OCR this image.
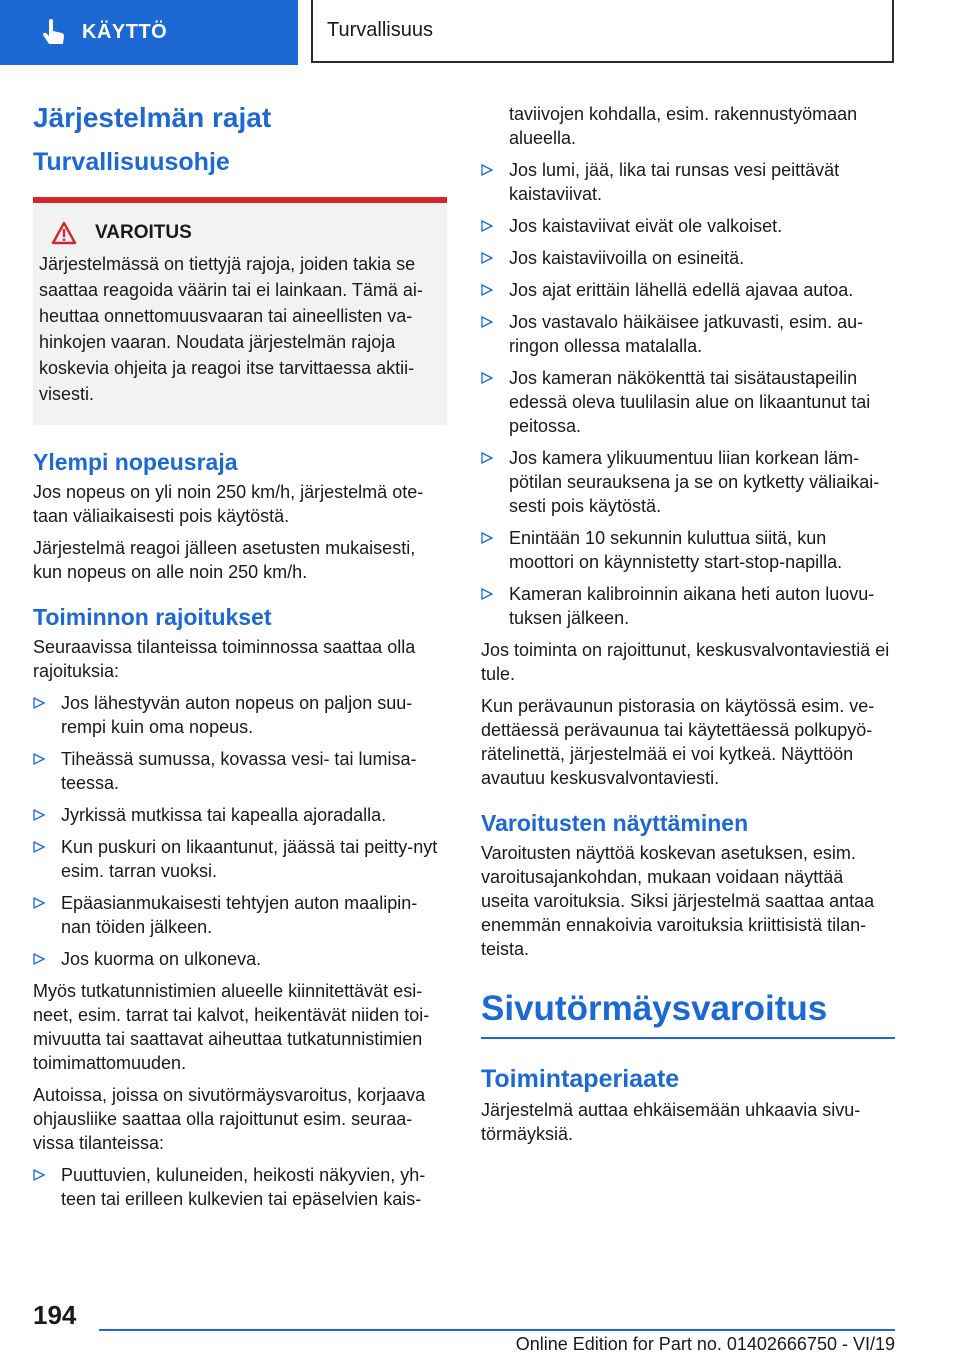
KÄYTTÖ	Turvallisuus
Järjestelmän rajat
Turvallisuusohje
VAROITUS

Järjestelmässä on tiettyjä rajoja, joiden takia se

saattaa reagoida väärin tai ei lainkaan. Tämä ai-

heuttaa onnettomuusvaaran tai aineellisten va-

hinkojen vaaran. Noudata järjestelmän rajoja

koskevia ohjeita ja reagoi itse tarvittaessa aktii-

visesti.

Ylempi nopeusraja

Jos nopeus on yli noin 250 km/h, järjestelmä ote-taan väliaikaisesti pois käytöstä.

Järjestelmä reagoi jälleen asetusten mukaisesti, kun nopeus on alle noin 250 km/h.

Toiminnon rajoitukset

Seuraavissa tilanteissa toiminnossa saattaa olla rajoituksia:

Jos lähestyvän auton nopeus on paljon suu-rempi kuin oma nopeus.
Tiheässä sumussa, kovassa vesi- tai lumisa-teessa.
Jyrkissä mutkissa tai kapealla ajoradalla.
Kun puskuri on likaantunut, jäässä tai peitty-nyt esim. tarran vuoksi.
Epäasianmukaisesti tehtyjen auton maalipin-nan töiden jälkeen.
Jos kuorma on ulkoneva.

Myös tutkatunnistimien alueelle kiinnitettävät esi-neet, esim. tarrat tai kalvot, heikentävät niiden toi-mivuutta tai saattavat aiheuttaa tutkatunnistimien toimimattomuuden.

Autoissa, joissa on sivutörmäysvaroitus, korjaava ohjausliike saattaa olla rajoittunut esim. seuraa-vissa tilanteissa:

Puuttuvien, kuluneiden, heikosti näkyvien, yh-teen tai erilleen kulkevien tai epäselvien kais-

taviivojen kohdalla, esim. rakennustyömaan alueella.

Jos lumi, jää, lika tai runsas vesi peittävät kaistaviivat.
Jos kaistaviivat eivät ole valkoiset.
Jos kaistaviivoilla on esineitä.
Jos ajat erittäin lähellä edellä ajavaa autoa.
Jos vastavalo häikäisee jatkuvasti, esim. au-ringon ollessa matalalla.
Jos kameran näkökenttä tai sisätaustapeilin edessä oleva tuulilasin alue on likaantunut tai peitossa.
Jos kamera ylikuumentuu liian korkean läm-pötilan seurauksena ja se on kytketty väliaikai-sesti pois käytöstä.
Enintään 10 sekunnin kuluttua siitä, kun moottori on käynnistetty start-stop-napilla.
Kameran kalibroinnin aikana heti auton luovu-tuksen jälkeen.

Jos toiminta on rajoittunut, keskusvalvontaviestiä ei tule.

Kun perävaunun pistorasia on käytössä esim. ve-dettäessä perävaunua tai käytettäessä polkupyö-rätelinettä, järjestelmää ei voi kytkeä. Näyttöön avautuu keskusvalvontaviesti.

Varoitusten näyttäminen

Varoitusten näyttöä koskevan asetuksen, esim. varoitusajankohdan, mukaan voidaan näyttää useita varoituksia. Siksi järjestelmä saattaa antaa enemmän ennakoivia varoituksia kriittisistä tilan-teista.

Sivutörmäysvaroitus
Toimintaperiaate

Järjestelmä auttaa ehkäisemään uhkaavia sivu-törmäyksiä.

194
Online Edition for Part no. 01402666750 - VI/19
